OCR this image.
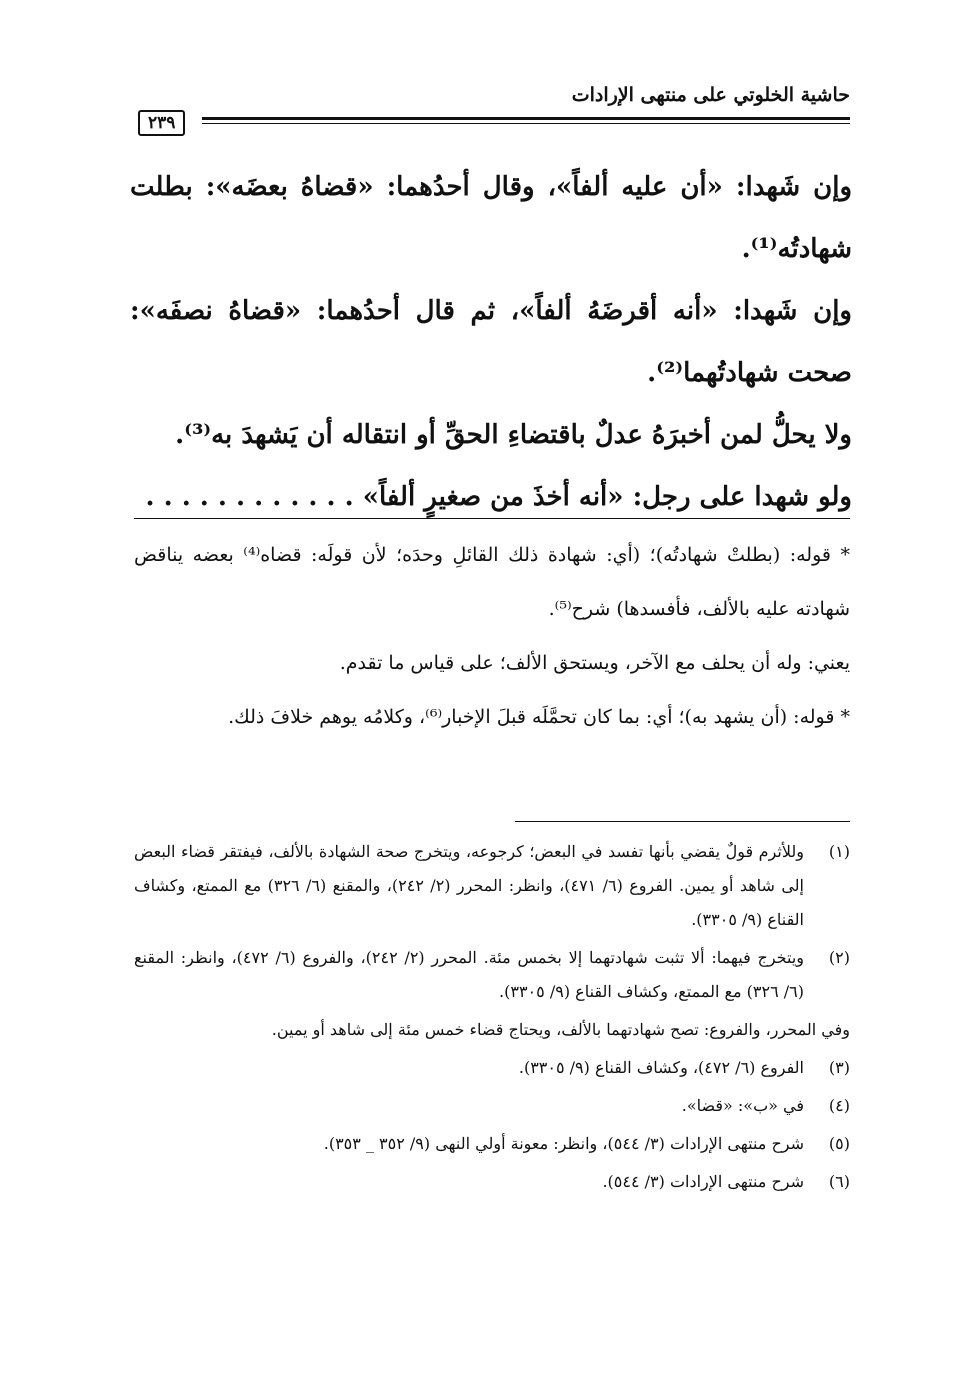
حاشية الخلوتي على منتهى الإرادات
٢٣٩

وإن شَهدا: «أن عليه ألفاً»، وقال أحدُهما: «قضاهُ بعضَه»: بطلت شهادتُه⁽¹⁾.

وإن شَهدا: «أنه أقرضَهُ ألفاً»، ثم قال أحدُهما: «قضاهُ نصفَه»: صحت شهادتُهما⁽²⁾.

ولا يحلُّ لمن أخبرَهُ عدلٌ باقتضاءِ الحقِّ أو انتقاله أن يَشهدَ به⁽³⁾.

ولو شهدا على رجل: «أنه أخذَ من صغيرٍ ألفاً» . . . . . . . . . . . .

* قوله: (بطلتْ شهادتُه)؛ (أي: شهادة ذلك القائلِ وحدَه؛ لأن قولَه: قضاه⁽⁴⁾ بعضه يناقض شهادته عليه بالألف، فأفسدها) شرح⁽⁵⁾.

يعني: وله أن يحلف مع الآخر، ويستحق الألف؛ على قياس ما تقدم.

* قوله: (أن يشهد به)؛ أي: بما كان تحمَّلَه قبلَ الإخبار⁽⁶⁾، وكلامُه يوهم خلافَ ذلك.

(١)
وللأثرم قولٌ يقضي بأنها تفسد في البعض؛ كرجوعه، ويتخرج صحة الشهادة بالألف، فيفتقر قضاء البعض إلى شاهد أو يمين. الفروع (٦/ ٤٧١)، وانظر: المحرر (٢/ ٢٤٢)، والمقنع (٦/ ٣٢٦) مع الممتع، وكشاف القناع (٩/ ٣٣٠٥).
(٢)
ويتخرج فيهما: ألا تثبت شهادتهما إلا بخمس مئة. المحرر (٢/ ٢٤٢)، والفروع (٦/ ٤٧٢)، وانظر: المقنع (٦/ ٣٢٦) مع الممتع، وكشاف القناع (٩/ ٣٣٠٥).
وفي المحرر، والفروع: تصح شهادتهما بالألف، ويحتاج قضاء خمس مئة إلى شاهد أو يمين.
(٣)
الفروع (٦/ ٤٧٢)، وكشاف القناع (٩/ ٣٣٠٥).
(٤)
في «ب»: «قضا».
(٥)
شرح منتهى الإرادات (٣/ ٥٤٤)، وانظر: معونة أولي النهى (٩/ ٣٥٢ _ ٣٥٣).
(٦)
شرح منتهى الإرادات (٣/ ٥٤٤).
